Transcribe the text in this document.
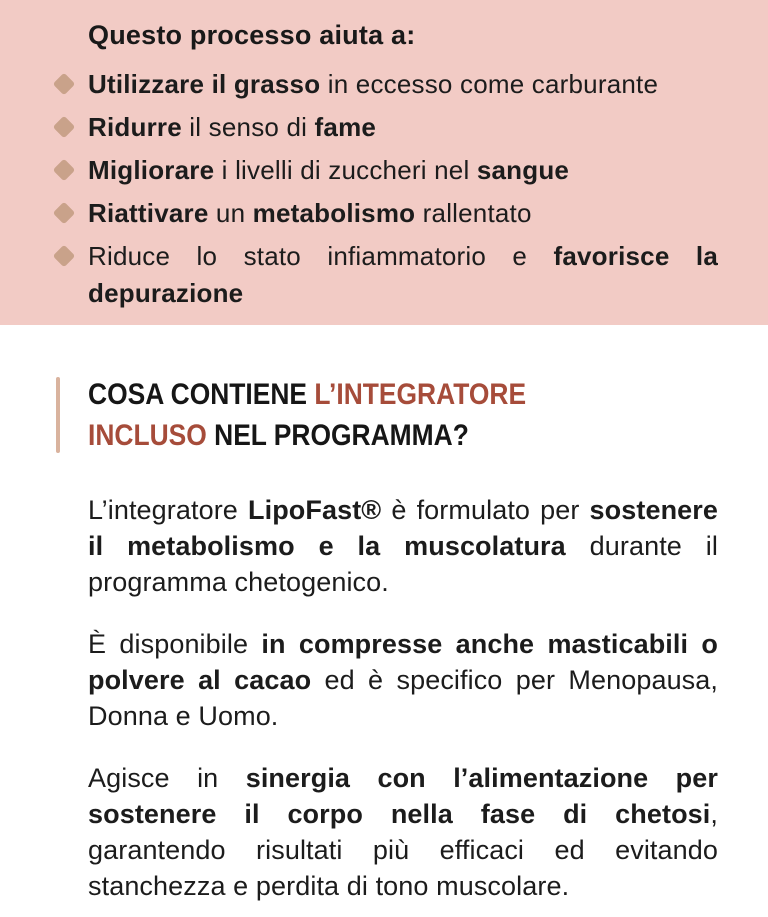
Questo processo aiuta a:
Utilizzare il grasso in eccesso come carburante
Ridurre il senso di fame
Migliorare i livelli di zuccheri nel sangue
Riattivare un metabolismo rallentato
Riduce lo stato infiammatorio e favorisce la depurazione
COSA CONTIENE L’INTEGRATORE
INCLUSO NEL PROGRAMMA?

L’integratore LipoFast® è formulato per sostenere il metabolismo e la muscolatura durante il programma chetogenico.

È disponibile in compresse anche masticabili o polvere al cacao ed è specifico per Menopausa, Donna e Uomo.

Agisce in sinergia con l’alimentazione per sostenere il corpo nella fase di chetosi, garantendo risultati più efficaci ed evitando stanchezza e perdita di tono muscolare.
